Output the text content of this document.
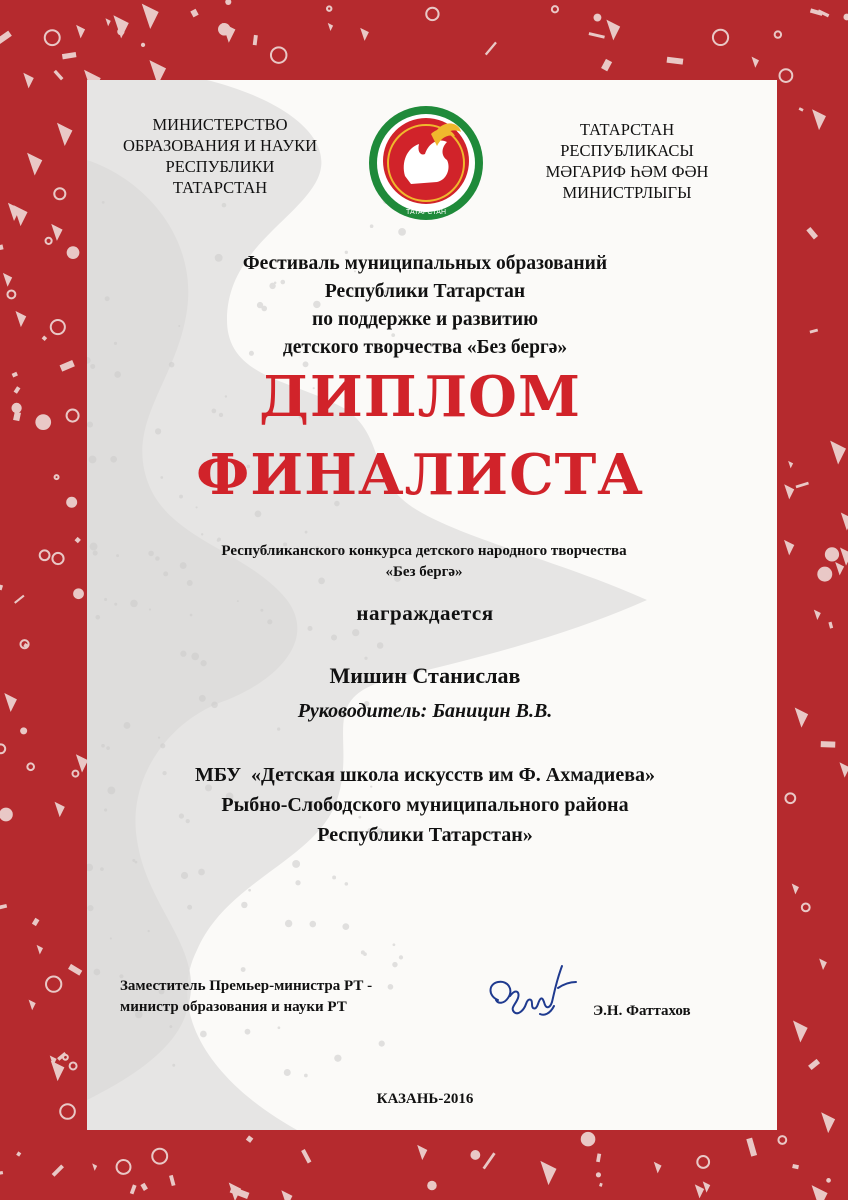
МИНИСТЕРСТВО
ОБРАЗОВАНИЯ И НАУКИ
РЕСПУБЛИКИ
ТАТАРСТАН
ТАТАРСТАН
ТАТАРСТАН
РЕСПУБЛИКАСЫ
МӘГАРИФ ҺӘМ ФӘН
МИНИСТРЛЫГЫ
Фестиваль муниципальных образований
Республики Татарстан
по поддержке и развитию
детского творчества «Без бергә»
ДИПЛОМ
ФИНАЛИСТА
Республиканского конкурса детского народного творчества
«Без бергә»
награждается
Мишин Станислав
Руководитель: Баницин В.В.
МБУ  «Детская школа искусств им Ф. Ахмадиева»
Рыбно-Слободского муниципального района
Республики Татарстан»
Заместитель Премьер-министра РТ -
министр образования и науки РТ	Э.Н. Фаттахов
КАЗАНЬ-2016
